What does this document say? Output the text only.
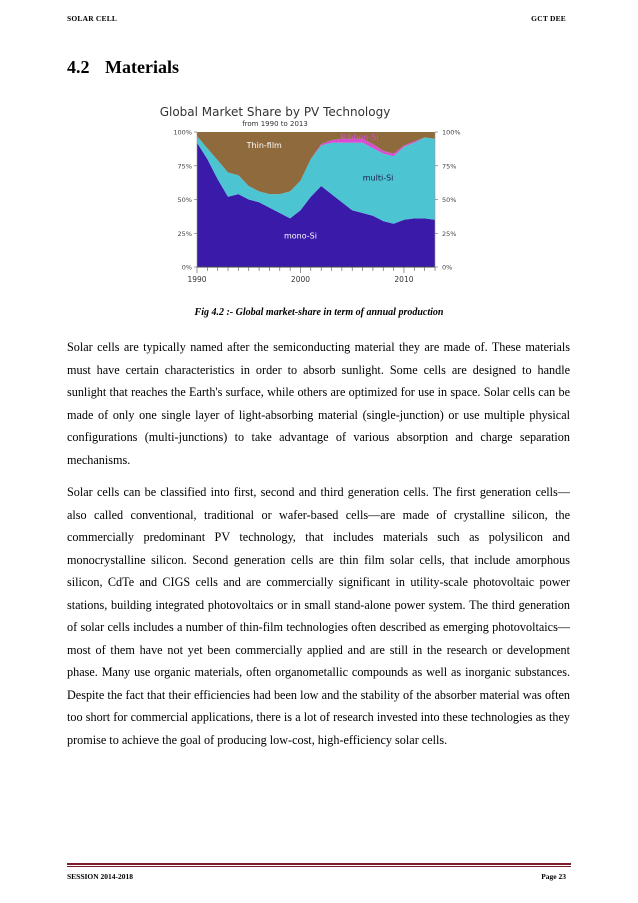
SOLAR CELL	GCT DEE
4.2 Materials
Global Market Share by PV Technology
from 1990 to 2013
0%	0%
25%	25%
50%	50%
75%	75%
100%	100%
1990	2000	2010
Thin-film
Ribbon-Si
multi-Si
mono-Si
Fig 4.2 :- Global market-share in term of annual production

Solar cells are typically named after the semiconducting material they are made of. These materials must have certain characteristics in order to absorb sunlight. Some cells are designed to handle sunlight that reaches the Earth's surface, while others are optimized for use in space. Solar cells can be made of only one single layer of light-absorbing material (single-junction) or use multiple physical configurations (multi-junctions) to take advantage of various absorption and charge separation mechanisms.

Solar cells can be classified into first, second and third generation cells. The first generation cells—also called conventional, traditional or wafer-based cells—are made of crystalline silicon, the commercially predominant PV technology, that includes materials such as polysilicon and monocrystalline silicon. Second generation cells are thin film solar cells, that include amorphous silicon, CdTe and CIGS cells and are commercially significant in utility-scale photovoltaic power stations, building integrated photovoltaics or in small stand-alone power system. The third generation of solar cells includes a number of thin-film technologies often described as emerging photovoltaics—most of them have not yet been commercially applied and are still in the research or development phase. Many use organic materials, often organometallic compounds as well as inorganic substances. Despite the fact that their efficiencies had been low and the stability of the absorber material was often too short for commercial applications, there is a lot of research invested into these technologies as they promise to achieve the goal of producing low-cost, high-efficiency solar cells.

SESSION 2014-2018	Page 23
